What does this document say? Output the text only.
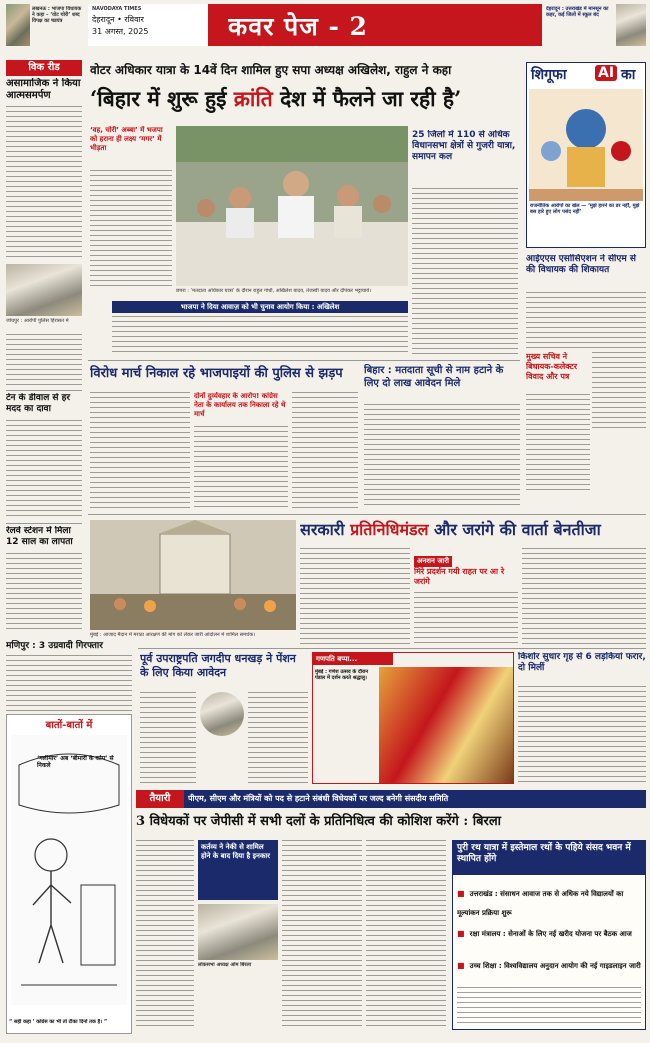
लखनऊ : भाजपा विधायक ने कहा – ‘वोट चोरी’ शब्द विपक्ष का षडयंत्र
NAVODAYA TIMES
देहरादून • रविवार
31 अगस्त, 2025	कवर पेज - 2
देहरादून : उत्तराखंड में मानसून का कहर, कई जिलों में स्कूल बंद
विक रीड
असामाजिक ने किया आत्मसमर्पण
जोधपुर : आरोपी पुलिस हिरासत में
टेन के डीवाल से हर मदद का दावा
रेलवे स्टेशन में मिला 12 साल का लापता
मणिपुर : 3 उग्रवादी गिरफ्तार
बातों-बातों में
‘गलीमार’ अब ‘बीमारी के कोप’ से निकले
“ सही कहा ’ कांग्रेस का भी तो टीका दिनों तक है। ”
वोटर अधिकार यात्रा के 14वें दिन शामिल हुए सपा अध्यक्ष अखिलेश, राहुल ने कहा
‘बिहार में शुरू हुई क्रांति देश में फैलने जा रही है’
‘वह, चोरी’ अब्बा’ में भजपा को हराना ही लक्ष्य ‘मगर’ में भीड़ता
छपरा : ‘मतदाता अधिकार यात्रा’ के दौरान राहुल गांधी, अखिलेश यादव, तेजस्वी यादव और दीपंकर भट्टाचार्य।
भाजपा ने दिया आवाज़ को भी चुनाव आयोग किया : अखिलेश
25 जिलों में 110 से अधिक विधानसभा क्षेत्रों से गुजरी यात्रा, समापन कल
शिगूफा AI का
राजनीतिक आरोपों का खेल — ‘मुझे हारने का डर नहीं, मुझे बस हारे हुए लोग पसंद नहीं’
आईएएस एसोसिएशन ने सीएम से की विधायक की शिकायत
मुख्य सचिव ने बिधायक-कलेक्टर विवाद और पत्र
विरोध मार्च निकाल रहे भाजपाइयों की पुलिस से झड़प
दोनों दुर्व्यवहार के आरोप! कांग्रेस नेता के कार्यालय तक निकाला रहे थे मार्च
बिहार : मतदाता सूची से नाम हटाने के लिए दो लाख आवेदन मिले
सरकारी प्रतिनिधिमंडल और जरांगे की वार्ता बेनतीजा
मुंबई : आजाद मैदान में मराठा आरक्षण की मांग को लेकर जारी आंदोलन में शामिल समर्थक।
अनशन जारी
मिरे प्रदर्शन गयी राहत पर आ रे जरांगे
पूर्व उपराष्ट्रपति जगदीप धनखड़ ने पेंशन के लिए किया आवेदन
गणपति बप्पा...
मुंबई : गणेश उत्सव के दौरान पंडाल में दर्शन करते श्रद्धालु।
किशोर सुधार गृह से 6 लड़कियां फरार, दो मिलीं
तैयारी	पीएम, सीएम और मंत्रियों को पद से हटाने संबंधी विधेयकों पर जल्द बनेगी संसदीय समिति
3 विधेयकों पर जेपीसी में सभी दलों के प्रतिनिधित्व की कोशिश करेंगे : बिरला
कर्तव्य ने नेकी से शामिल होने के बाद दिया है इनकार
लोकसभा अध्यक्ष ओम बिरला
पुरी रथ यात्रा में इस्तेमाल रथों के पहिये संसद भवन में स्थापित होंगे
■ उत्तराखंड : संसाधन आवाज तक से अधिक नये विद्यालयों का मूल्यांकन प्रक्रिया शुरू
■ रक्षा मंत्रालय : सेनाओं के लिए नई खरीद योजना पर बैठक आज
■ उच्च शिक्षा : विश्वविद्यालय अनुदान आयोग की नई गाइडलाइन जारी
